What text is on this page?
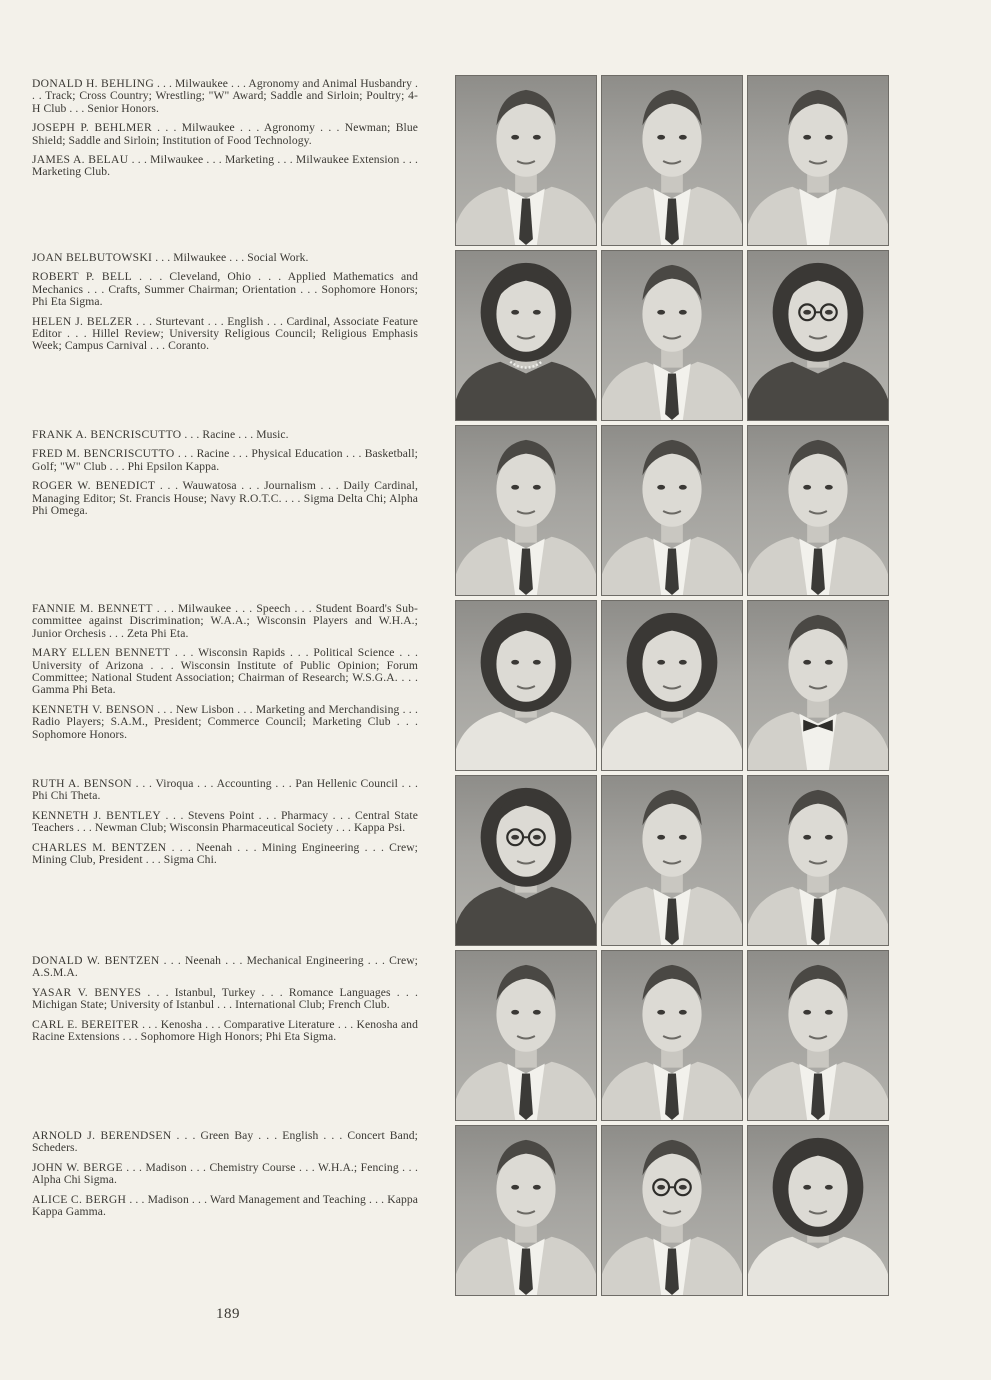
DONALD H. BEHLING . . . Milwaukee . . . Agronomy and Animal Husbandry . . . Track; Cross Country; Wrestling; "W" Award; Saddle and Sirloin; Poultry; 4-H Club . . . Senior Honors.

JOSEPH P. BEHLMER . . . Milwaukee . . . Agronomy . . . Newman; Blue Shield; Saddle and Sirloin; Institution of Food Technology.

JAMES A. BELAU . . . Milwaukee . . . Marketing . . . Milwaukee Extension . . . Marketing Club.

JOAN BELBUTOWSKI . . . Milwaukee . . . Social Work.

ROBERT P. BELL . . . Cleveland, Ohio . . . Applied Mathematics and Mechanics . . . Crafts, Summer Chairman; Orientation . . . Sophomore Honors; Phi Eta Sigma.

HELEN J. BELZER . . . Sturtevant . . . English . . . Cardinal, Associate Feature Editor . . . Hillel Review; University Religious Council; Religious Emphasis Week; Campus Carnival . . . Coranto.

FRANK A. BENCRISCUTTO . . . Racine . . . Music.

FRED M. BENCRISCUTTO . . . Racine . . . Physical Education . . . Basketball; Golf; "W" Club . . . Phi Epsilon Kappa.

ROGER W. BENEDICT . . . Wauwatosa . . . Journalism . . . Daily Cardinal, Managing Editor; St. Francis House; Navy R.O.T.C. . . . Sigma Delta Chi; Alpha Phi Omega.

FANNIE M. BENNETT . . . Milwaukee . . . Speech . . . Student Board's Sub-committee against Discrimination; W.A.A.; Wisconsin Players and W.H.A.; Junior Orchesis . . . Zeta Phi Eta.

MARY ELLEN BENNETT . . . Wisconsin Rapids . . . Political Science . . . University of Arizona . . . Wisconsin Institute of Public Opinion; Forum Committee; National Student Association; Chairman of Research; W.S.G.A. . . . Gamma Phi Beta.

KENNETH V. BENSON . . . New Lisbon . . . Marketing and Merchandising . . . Radio Players; S.A.M., President; Commerce Council; Marketing Club . . . Sophomore Honors.

RUTH A. BENSON . . . Viroqua . . . Accounting . . . Pan Hellenic Council . . . Phi Chi Theta.

KENNETH J. BENTLEY . . . Stevens Point . . . Pharmacy . . . Central State Teachers . . . Newman Club; Wisconsin Pharmaceutical Society . . . Kappa Psi.

CHARLES M. BENTZEN . . . Neenah . . . Mining Engineering . . . Crew; Mining Club, President . . . Sigma Chi.

DONALD W. BENTZEN . . . Neenah . . . Mechanical Engineering . . . Crew; A.S.M.A.

YASAR V. BENYES . . . Istanbul, Turkey . . . Romance Languages . . . Michigan State; University of Istanbul . . . International Club; French Club.

CARL E. BEREITER . . . Kenosha . . . Comparative Literature . . . Kenosha and Racine Extensions . . . Sophomore High Honors; Phi Eta Sigma.

ARNOLD J. BERENDSEN . . . Green Bay . . . English . . . Concert Band; Scheders.

JOHN W. BERGE . . . Madison . . . Chemistry Course . . . W.H.A.; Fencing . . . Alpha Chi Sigma.

ALICE C. BERGH . . . Madison . . . Ward Management and Teaching . . . Kappa Kappa Gamma.

189
